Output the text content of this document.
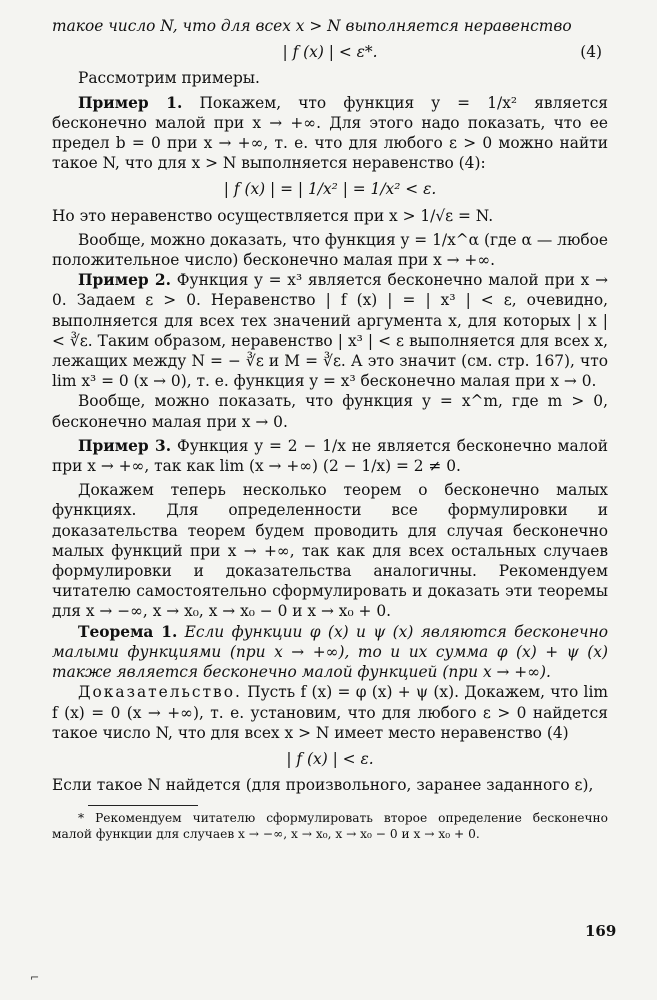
такое число N, что для всех x > N выполняется неравенство

| f (x) | < ε*.	(4)

Рассмотрим примеры.

Пример 1. Покажем, что функция y = 1/x² является бесконечно малой при x → +∞. Для этого надо показать, что ее предел b = 0 при x → +∞, т. е. что для любого ε > 0 можно найти такое N, что для x > N выполняется неравенство (4):

| f (x) | = | 1/x² | = 1/x² < ε.

Но это неравенство осуществляется при x > 1/√ε = N.

Вообще, можно доказать, что функция y = 1/x^α (где α — любое положительное число) бесконечно малая при x → +∞.

Пример 2. Функция y = x³ является бесконечно малой при x → 0. Задаем ε > 0. Неравенство | f (x) | = | x³ | < ε, очевидно, выполняется для всех тех значений аргумента x, для которых | x | < ∛ε. Таким образом, неравенство | x³ | < ε выполняется для всех x, лежащих между N = − ∛ε и M = ∛ε. А это значит (см. стр. 167), что lim x³ = 0 (x → 0), т. е. функция y = x³ бесконечно малая при x → 0.

Вообще, можно показать, что функция y = x^m, где m > 0, бесконечно малая при x → 0.

Пример 3. Функция y = 2 − 1/x не является бесконечно малой при x → +∞, так как lim (x → +∞) (2 − 1/x) = 2 ≠ 0.

Докажем теперь несколько теорем о бесконечно малых функциях. Для определенности все формулировки и доказательства теорем будем проводить для случая бесконечно малых функций при x → +∞, так как для всех остальных случаев формулировки и доказательства аналогичны. Рекомендуем читателю самостоятельно сформулировать и доказать эти теоремы для x → −∞, x → x₀, x → x₀ − 0 и x → x₀ + 0.

Теорема 1. Если функции φ (x) и ψ (x) являются бесконечно малыми функциями (при x → +∞), то и их сумма φ (x) + ψ (x) также является бесконечно малой функцией (при x → +∞).

Доказательство. Пусть f (x) = φ (x) + ψ (x). Докажем, что lim f (x) = 0 (x → +∞), т. е. установим, что для любого ε > 0 найдется такое число N, что для всех x > N имеет место неравенство (4)

| f (x) | < ε.

Если такое N найдется (для произвольного, заранее заданного ε),

* Рекомендуем читателю сформулировать второе определение бесконечно малой функции для случаев x → −∞, x → x₀, x → x₀ − 0 и x → x₀ + 0.

169
⌐
